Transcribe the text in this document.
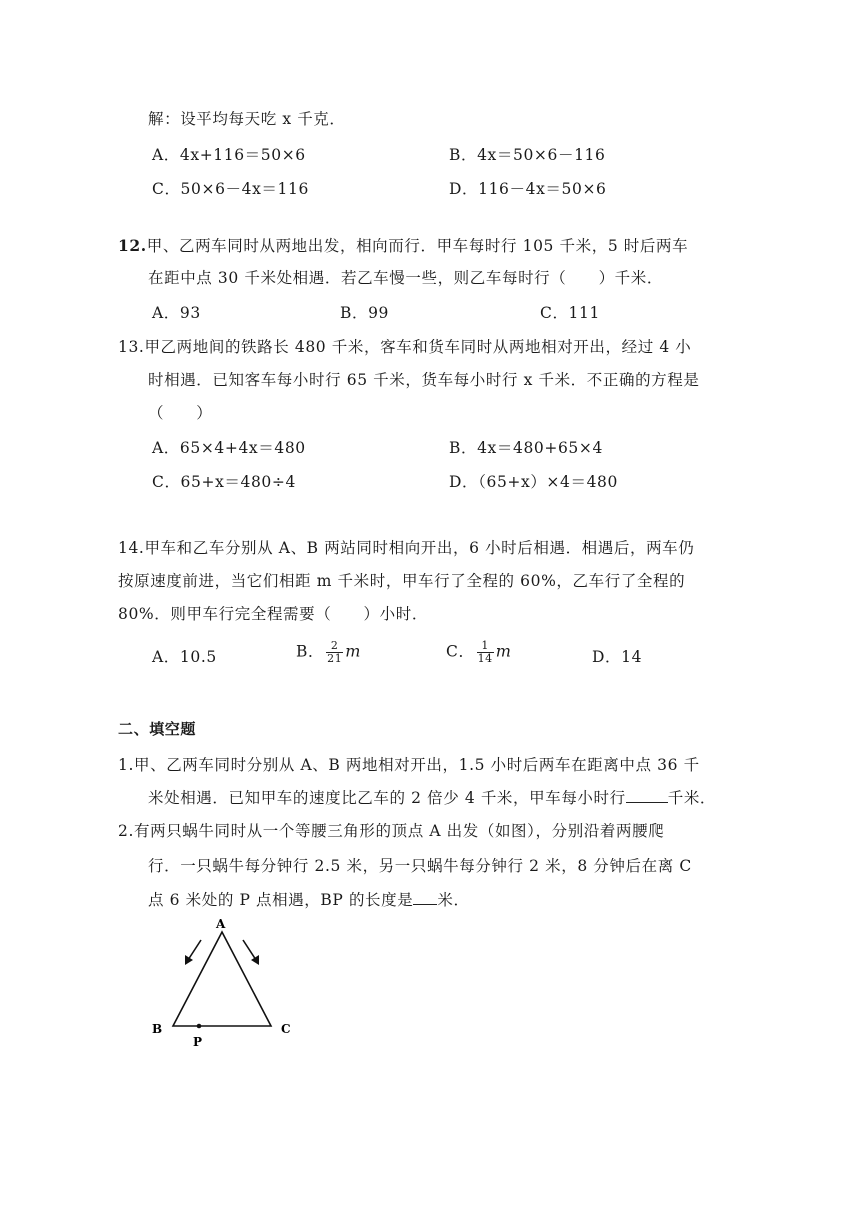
解：设平均每天吃 x 千克．
A．4x+116＝50×6	B．4x＝50×6－116
C．50×6－4x＝116	D．116－4x＝50×6
12.甲、乙两车同时从两地出发，相向而行．甲车每时行 105 千米，5 时后两车
在距中点 30 千米处相遇．若乙车慢一些，则乙车每时行（　　）千米．
A．93	B．99	C．111
13.甲乙两地间的铁路长 480 千米，客车和货车同时从两地相对开出，经过 4 小
时相遇．已知客车每小时行 65 千米，货车每小时行 x 千米．不正确的方程是
（　　）
A．65×4+4x＝480	B．4x＝480+65×4
C．65+x＝480÷4	D．（65+x）×4＝480
14.甲车和乙车分别从 A、B 两站同时相向开出，6 小时后相遇．相遇后，两车仍
按原速度前进，当它们相距 m 千米时，甲车行了全程的 60%，乙车行了全程的
80%．则甲车行完全程需要（　　）小时．
A．10.5	B． $\frac{2}{21}$ m	C． $\frac{1}{14}$ m	D．14
二、填空题
1.甲、乙两车同时分别从 A、B 两地相对开出，1.5 小时后两车在距离中点 36 千
米处相遇．已知甲车的速度比乙车的 2 倍少 4 千米，甲车每小时行	千米．
2.有两只蜗牛同时从一个等腰三角形的顶点 A 出发（如图），分别沿着两腰爬
行．一只蜗牛每分钟行 2.5 米，另一只蜗牛每分钟行 2 米，8 分钟后在离 C
点 6 米处的 P 点相遇，BP 的长度是 米．
A
B	C
P
